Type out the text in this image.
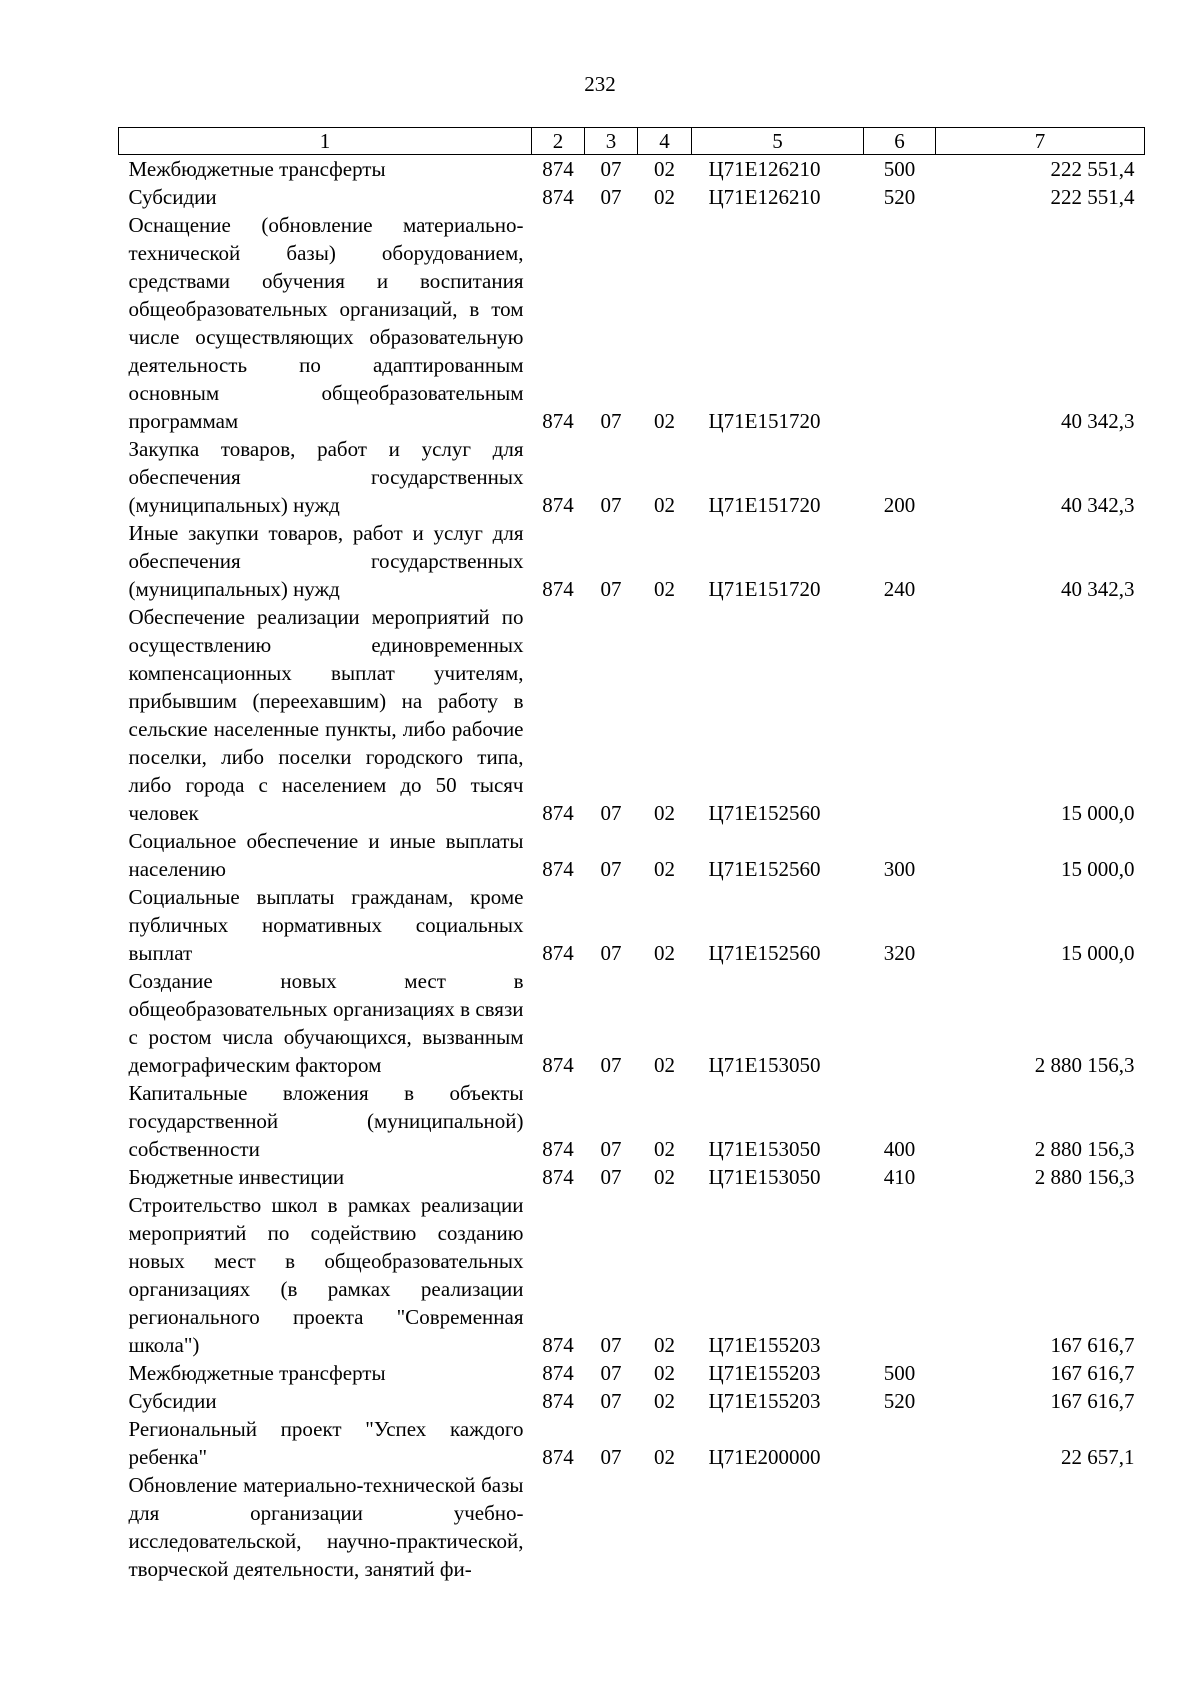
232
1	2	3	4	5	6	7
Межбюджетные трансферты	874	07	02	Ц71E126210	500	222 551,4
Субсидии	874	07	02	Ц71E126210	520	222 551,4
Оснащение (обновление материально-технической базы) оборудованием, средствами обучения и воспитания общеобразовательных организаций, в том числе осуществляющих образовательную деятельность по адаптированным основным общеобразовательным программам	874	07	02	Ц71E151720		40 342,3
Закупка товаров, работ и услуг для обеспечения государственных (муниципальных) нужд	874	07	02	Ц71E151720	200	40 342,3
Иные закупки товаров, работ и услуг для обеспечения государственных (муниципальных) нужд	874	07	02	Ц71E151720	240	40 342,3
Обеспечение реализации мероприятий по осуществлению единовременных компенсационных выплат учителям, прибывшим (переехавшим) на работу в сельские населенные пункты, либо рабочие поселки, либо поселки городского типа, либо города с населением до 50 тысяч человек	874	07	02	Ц71E152560		15 000,0
Социальное обеспечение и иные выплаты населению	874	07	02	Ц71E152560	300	15 000,0
Социальные выплаты гражданам, кроме публичных нормативных социальных выплат	874	07	02	Ц71E152560	320	15 000,0
Создание новых мест в общеобразовательных организациях в связи с ростом числа обучающихся, вызванным демографическим фактором	874	07	02	Ц71E153050		2 880 156,3
Капитальные вложения в объекты государственной (муниципальной) собственности	874	07	02	Ц71E153050	400	2 880 156,3
Бюджетные инвестиции	874	07	02	Ц71E153050	410	2 880 156,3
Строительство школ в рамках реализации мероприятий по содействию созданию новых мест в общеобразовательных организациях (в рамках реализации регионального проекта "Современная школа")	874	07	02	Ц71E155203		167 616,7
Межбюджетные трансферты	874	07	02	Ц71E155203	500	167 616,7
Субсидии	874	07	02	Ц71E155203	520	167 616,7
Региональный проект "Успех каждого ребенка"	874	07	02	Ц71E200000		22 657,1
Обновление материально-технической базы для организации учебно-исследовательской, научно-практической, творческой деятельности, занятий фи-						
